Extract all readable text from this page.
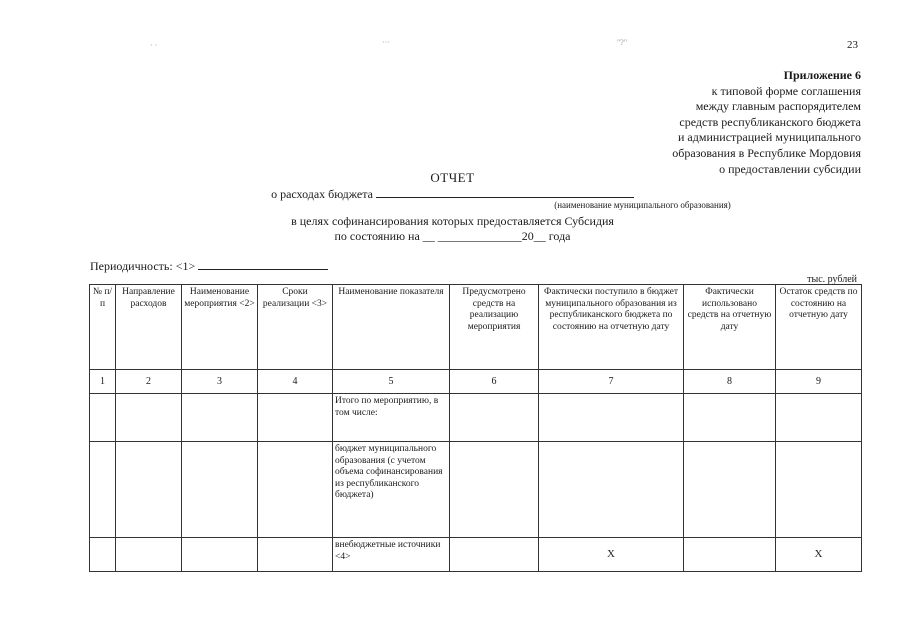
23
· ·	···	"?"
Приложение 6
к типовой форме соглашения
между главным распорядителем
средств республиканского бюджета
и администрацией муниципального
образования в Республике Мордовия
о предоставлении субсидии
ОТЧЕТ
о расходах бюджета
(наименование муниципального образования)
в целях софинансирования которых предоставляется Субсидия
по состоянию на __ ______________20__ года
Периодичность: <1>
тыс. рублей
№ п/п	Направление расходов	Наименование мероприятия <2>	Сроки реализации <3>	Наименование показателя	Предусмотрено средств на реализацию мероприятия	Фактически поступило в бюджет муниципального образования из республиканского бюджета по состоянию на отчетную дату	Фактически использовано средств на отчетную дату	Остаток средств по состоянию на отчетную дату
1	2	3	4	5	6	7	8	9
				Итого по мероприятию, в том числе:				
				бюджет муниципального образования (с учетом объема софинансирования из республиканского бюджета)				
				внебюджетные источники <4>		X		X
